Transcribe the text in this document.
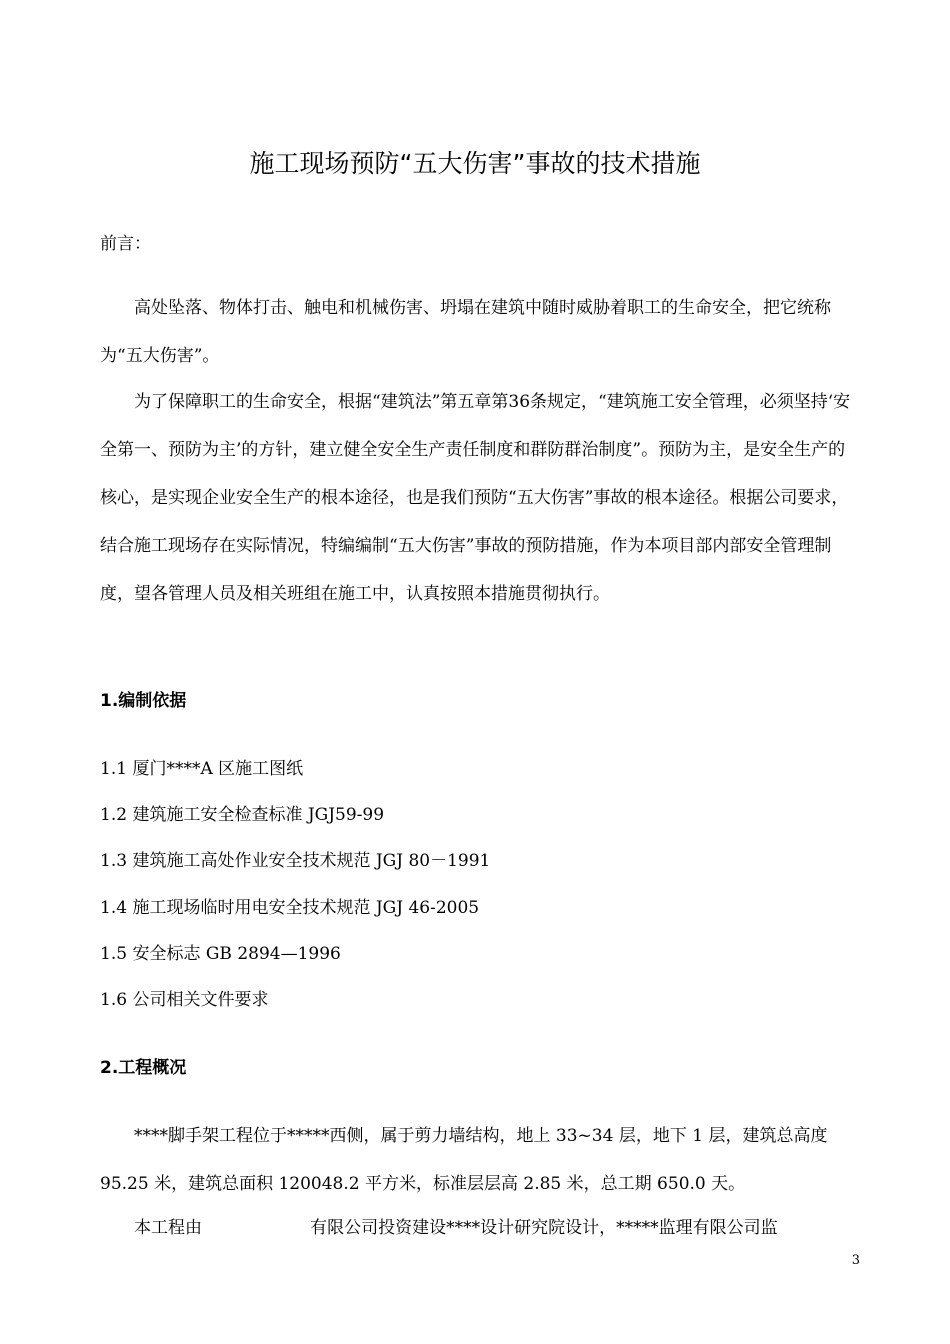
施工现场预防“五大伤害”事故的技术措施
前言：

高处坠落、物体打击、触电和机械伤害、坍塌在建筑中随时威胁着职工的生命安全，把它统称为“五大伤害”。

为了保障职工的生命安全，根据“建筑法”第五章第36条规定，“建筑施工安全管理，必须坚持‘安全第一、预防为主’的方针，建立健全安全生产责任制度和群防群治制度”。预防为主，是安全生产的核心，是实现企业安全生产的根本途径，也是我们预防“五大伤害”事故的根本途径。根据公司要求，结合施工现场存在实际情况，特编编制“五大伤害”事故的预防措施，作为本项目部内部安全管理制度，望各管理人员及相关班组在施工中，认真按照本措施贯彻执行。

1.编制依据
1.1 厦门****A 区施工图纸
1.2 建筑施工安全检查标准 JGJ59-99
1.3 建筑施工高处作业安全技术规范 JGJ 80－1991
1.4 施工现场临时用电安全技术规范 JGJ 46-2005
1.5 安全标志 GB 2894—1996
1.6 公司相关文件要求
2.工程概况

****脚手架工程位于*****西侧，属于剪力墙结构，地上 33~34 层，地下 1 层，建筑总高度 95.25 米，建筑总面积 120048.2 平方米，标准层层高 2.85 米，总工期 650.0 天。

本工程由                    有限公司投资建设****设计研究院设计，*****监理有限公司监

3
